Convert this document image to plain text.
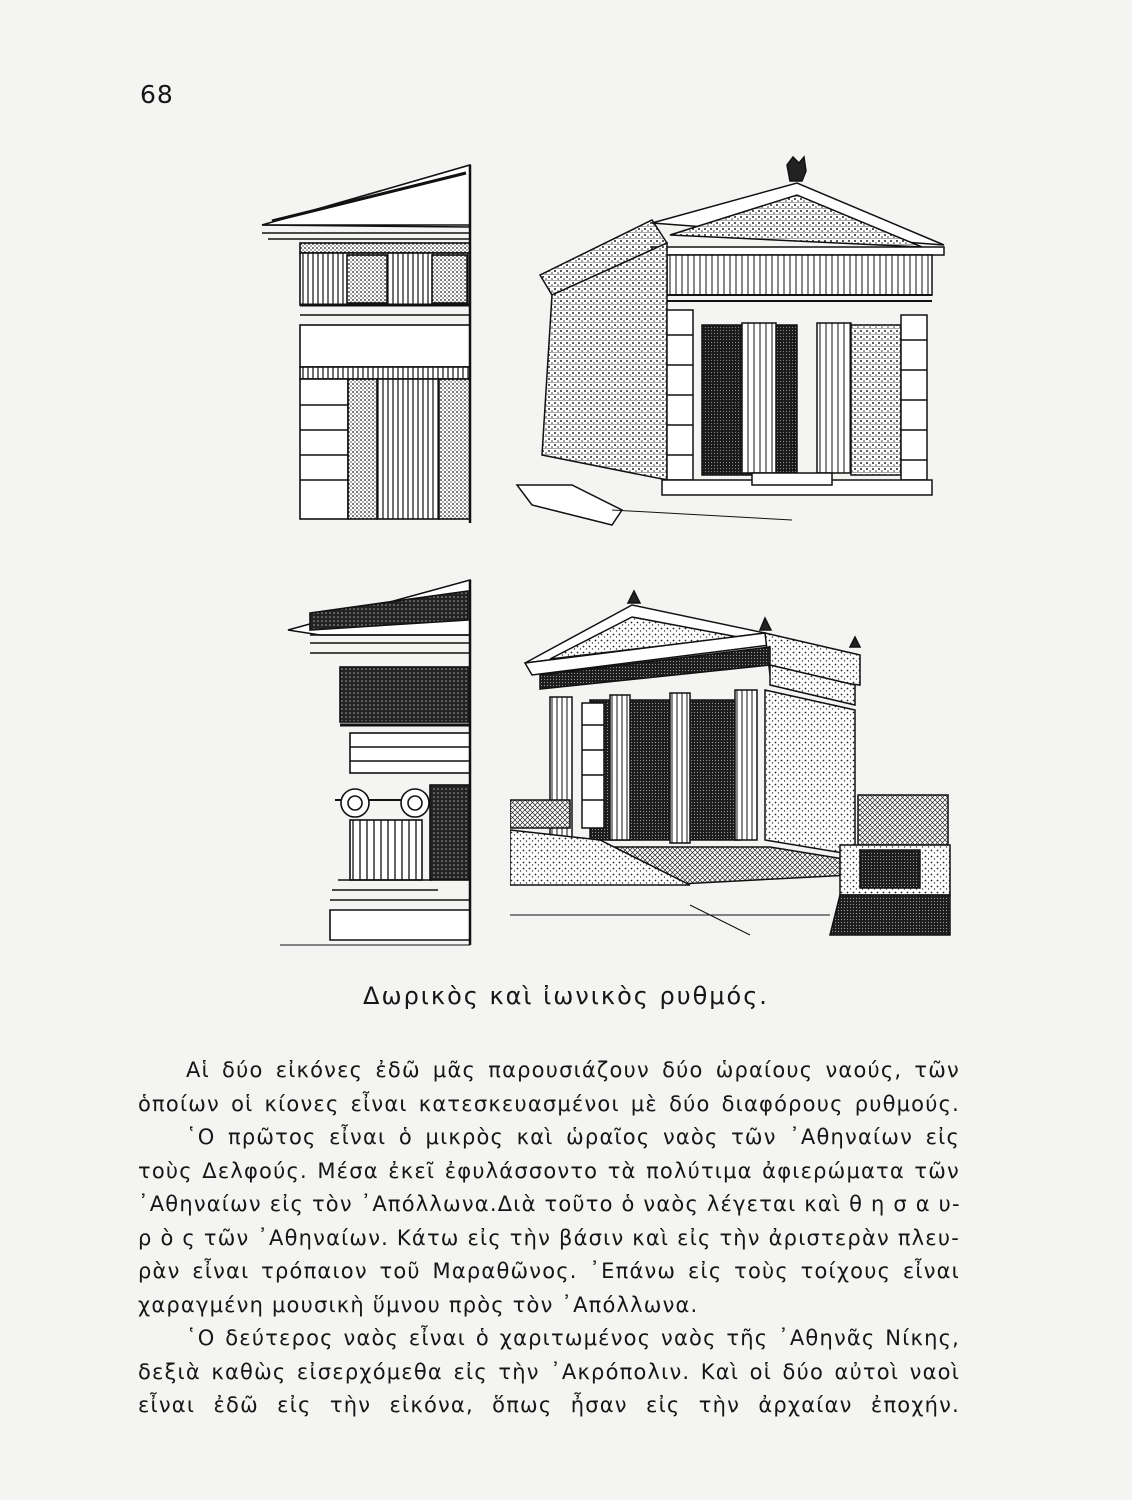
68
Δωρικὸς καὶ ἰωνικὸς ρυθμός.

Αἱ δύο εἰκόνες ἐδῶ μᾶς παρουσιάζουν δύο ὡραίους ναούς, τῶν
ὁποίων οἱ κίονες εἶναι κατεσκευασμένοι μὲ δύο διαφόρους ρυθμούς.

῾Ο πρῶτος εἶναι ὁ μικρὸς καὶ ὡραῖος ναὸς τῶν ᾿Αθηναίων εἰς
τοὺς Δελφούς. Μέσα ἐκεῖ ἐφυλάσσοντο τὰ πολύτιμα ἀφιερώματα τῶν
᾿Αθηναίων εἰς τὸν ᾿Απόλλωνα.Διὰ τοῦτο ὁ ναὸς λέγεται καὶ θ η σ α υ-
ρ ὸ ς τῶν ᾿Αθηναίων. Κάτω εἰς τὴν βάσιν καὶ εἰς τὴν ἀριστερὰν πλευ-
ρὰν εἶναι τρόπαιον τοῦ Μαραθῶνος. ᾿Επάνω εἰς τοὺς τοίχους εἶναι
χαραγμένη μουσικὴ ὕμνου πρὸς τὸν ᾿Απόλλωνα.

῾Ο δεύτερος ναὸς εἶναι ὁ χαριτωμένος ναὸς τῆς ᾿Αθηνᾶς Νίκης,
δεξιὰ καθὼς εἰσερχόμεθα εἰς τὴν ᾿Ακρόπολιν. Καὶ οἱ δύο αὐτοὶ ναοὶ
εἶναι ἐδῶ εἰς τὴν εἰκόνα, ὅπως ἦσαν εἰς τὴν ἀρχαίαν ἐποχήν.
